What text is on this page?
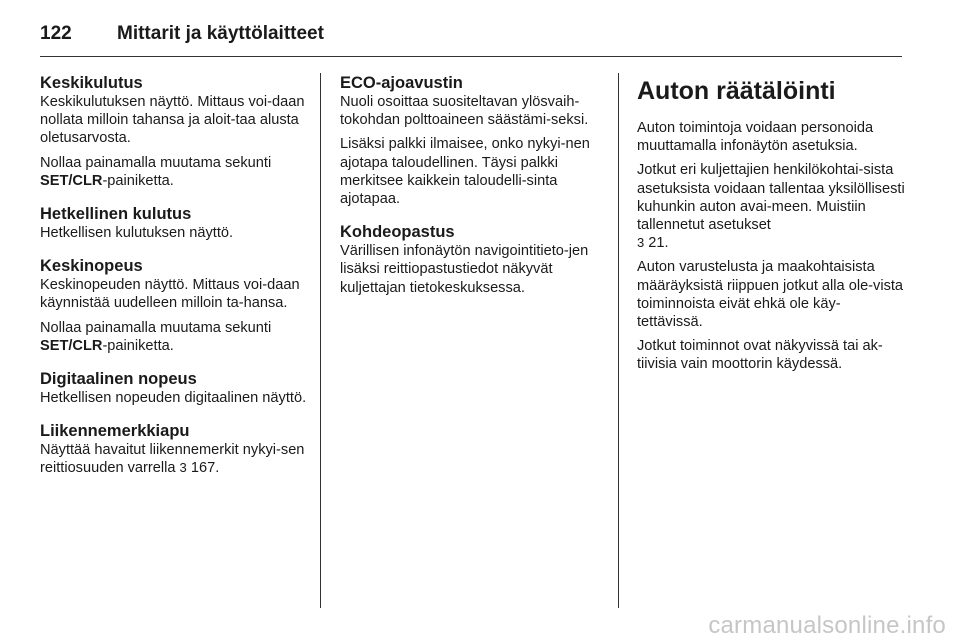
122 Mittarit ja käyttölaitteet
Keskikulutus

Keskikulutuksen näyttö. Mittaus voi-daan nollata milloin tahansa ja aloit-taa alusta oletusarvosta.

Nollaa painamalla muutama sekunti
SET/CLR-painiketta.

Hetkellinen kulutus

Hetkellisen kulutuksen näyttö.

Keskinopeus

Keskinopeuden näyttö. Mittaus voi-daan käynnistää uudelleen milloin ta-hansa.

Nollaa painamalla muutama sekunti
SET/CLR-painiketta.

Digitaalinen nopeus

Hetkellisen nopeuden digitaalinen näyttö.

Liikennemerkkiapu

Näyttää havaitut liikennemerkit nykyi-sen reittiosuuden varrella 3 167.

ECO-ajoavustin

Nuoli osoittaa suositeltavan ylösvaih-tokohdan polttoaineen säästämi-seksi.

Lisäksi palkki ilmaisee, onko nykyi-nen ajotapa taloudellinen. Täysi palkki merkitsee kaikkein taloudelli-sinta ajotapaa.

Kohdeopastus

Värillisen infonäytön navigointitieto-jen lisäksi reittiopastustiedot näkyvät kuljettajan tietokeskuksessa.

Auton räätälöinti

Auton toimintoja voidaan personoida muuttamalla infonäytön asetuksia.

Jotkut eri kuljettajien henkilökohtai-sista asetuksista voidaan tallentaa yksilöllisesti kuhunkin auton avai-meen. Muistiin tallennetut asetukset
3 21.

Auton varustelusta ja maakohtaisista määräyksistä riippuen jotkut alla ole-vista toiminnoista eivät ehkä ole käy-tettävissä.

Jotkut toiminnot ovat näkyvissä tai ak-tiivisia vain moottorin käydessä.

carmanualsonline.info
